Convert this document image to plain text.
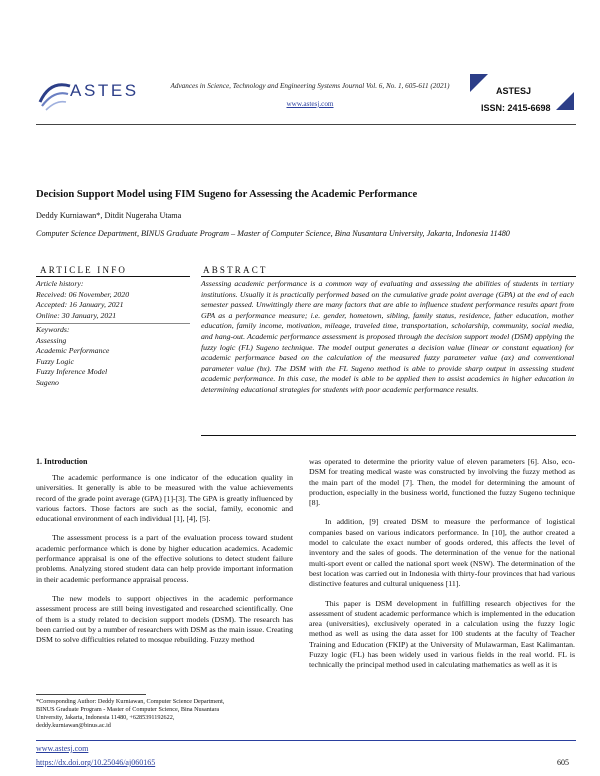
ASTES	Advances in Science, Technology and Engineering Systems Journal Vol. 6, No. 1, 605-611 (2021)
www.astesj.com
ASTESJ
ISSN: 2415-6698
Decision Support Model using FIM Sugeno for Assessing the Academic Performance
Deddy Kurniawan*, Ditdit Nugeraha Utama
Computer Science Department, BINUS Graduate Program – Master of Computer Science, Bina Nusantara University, Jakarta, Indonesia 11480
ARTICLE INFO
Article history:
Received: 06 November, 2020
Accepted: 16 January, 2021
Online: 30 January, 2021
Keywords:
Assessing
Academic Performance
Fuzzy Logic
Fuzzy Inference Model
Sugeno
ABSTRACT
Assessing academic performance is a common way of evaluating and assessing the abilities of students in tertiary institutions. Usually it is practically performed based on the cumulative grade point average (GPA) at the end of each semester passed. Unwittingly there are many factors that are able to influence student performance results apart from GPA as a performance measure; i.e. gender, hometown, sibling, family status, residence, father education, mother education, family income, motivation, mileage, traveled time, transportation, scholarship, community, social media, and hang-out. Academic performance assessment is proposed through the decision support model (DSM) applying the fuzzy logic (FL) Sugeno technique. The model output generates a decision value (linear or constant equation) for academic performance based on the calculation of the measured fuzzy parameter value (ax) and conventional parameter value (bx). The DSM with the FL Sugeno method is able to provide sharp output in assessing student academic performance. In this case, the model is able to be applied then to assist academics in higher education in determining educational strategies for students with poor academic performance results.
1. Introduction

The academic performance is one indicator of the education quality in universities. It generally is able to be measured with the value achievements record of the grade point average (GPA) [1]-[3]. The GPA is greatly influenced by various factors. Those factors are such as the social, family, economic and educational environment of each individual [1], [4], [5].

The assessment process is a part of the evaluation process toward student academic performance which is done by higher education academics. Academic performance appraisal is one of the effective solutions to detect student failure problems. Analyzing stored student data can help provide important information in their academic performance appraisal process.

The new models to support objectives in the academic performance assessment process are still being investigated and researched scientifically. One of them is a study related to decision support models (DSM). The research has been carried out by a number of researchers with DSM as the main issue. Creating DSM to solve difficulties related to mosque rebuilding. Fuzzy method

was operated to determine the priority value of eleven parameters [6]. Also, eco-DSM for treating medical waste was constructed by involving the fuzzy method as the main part of the model [7]. Then, the model for determining the amount of production, especially in the business world, functioned the fuzzy Sugeno technique [8].

In addition, [9] created DSM to measure the performance of logistical companies based on various indicators performance. In [10], the author created a model to calculate the exact number of goods ordered, this affects the level of inventory and the sales of goods. The determination of the venue for the national multi-sport event or called the national sport week (NSW). The determination of the best location was carried out in Indonesia with thirty-four provinces that had various distinctive features and cultural uniqueness [11].

This paper is DSM development in fulfilling research objectives for the assessment of student academic performance which is implemented in the education area (universities), exclusively operated in a calculation using the fuzzy logic method as well as using the data asset for 100 students at the faculty of Teacher Training and Education (FKIP) at the University of Mulawarman, East Kalimantan. Fuzzy logic (FL) has been widely used in various fields in the real world. FL is technically the principal method used in calculating mathematics as well as it is

*Corresponding Author: Deddy Kurniawan, Computer Science Department,
BINUS Graduate Program - Master of Computer Science, Bina Nusantara
University, Jakarta, Indonesia 11480, +6285391192622,
deddy.kurniawan@binus.ac.id
www.astesj.com
https://dx.doi.org/10.25046/aj060165	605
